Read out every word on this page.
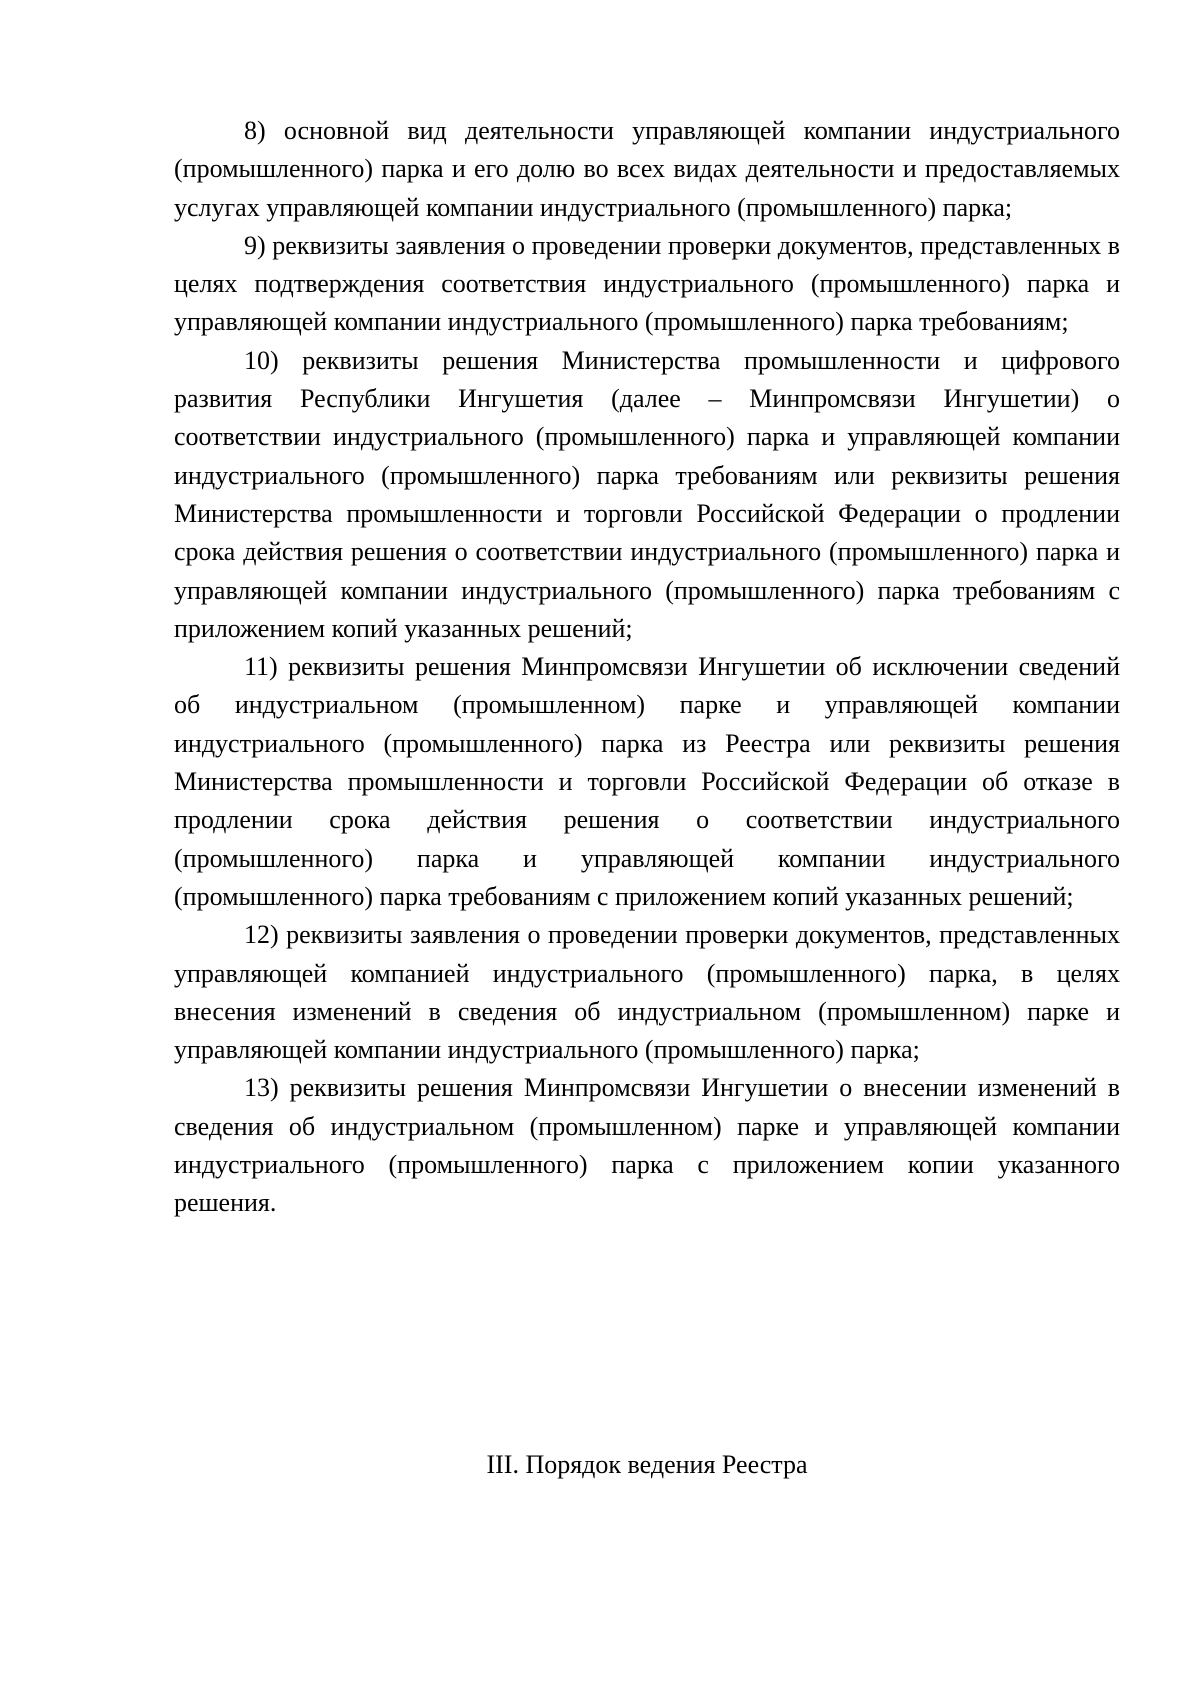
8) основной вид деятельности управляющей компании индустриального (промышленного) парка и его долю во всех видах деятельности и предоставляемых услугах управляющей компании индустриального (промышленного) парка;

9) реквизиты заявления о проведении проверки документов, представленных в целях подтверждения соответствия индустриального (промышленного) парка и управляющей компании индустриального (промышленного) парка требованиям;

10) реквизиты решения Министерства промышленности и цифрового развития Республики Ингушетия (далее – Минпромсвязи Ингушетии) о соответствии индустриального (промышленного) парка и управляющей компании индустриального (промышленного) парка требованиям или реквизиты решения Министерства промышленности и торговли Российской Федерации о продлении срока действия решения о соответствии индустриального (промышленного) парка и управляющей компании индустриального (промышленного) парка требованиям с приложением копий указанных решений;

11) реквизиты решения Минпромсвязи Ингушетии об исключении сведений об индустриальном (промышленном) парке и управляющей компании индустриального (промышленного) парка из Реестра или реквизиты решения Министерства промышленности и торговли Российской Федерации об отказе в продлении срока действия решения о соответствии индустриального (промышленного) парка и управляющей компании индустриального (промышленного) парка требованиям с приложением копий указанных решений;

12) реквизиты заявления о проведении проверки документов, представленных управляющей компанией индустриального (промышленного) парка, в целях внесения изменений в сведения об индустриальном (промышленном) парке и управляющей компании индустриального (промышленного) парка;

13) реквизиты решения Минпромсвязи Ингушетии о внесении изменений в сведения об индустриальном (промышленном) парке и управляющей компании индустриального (промышленного) парка с приложением копии указанного решения.

III. Порядок ведения Реестра
